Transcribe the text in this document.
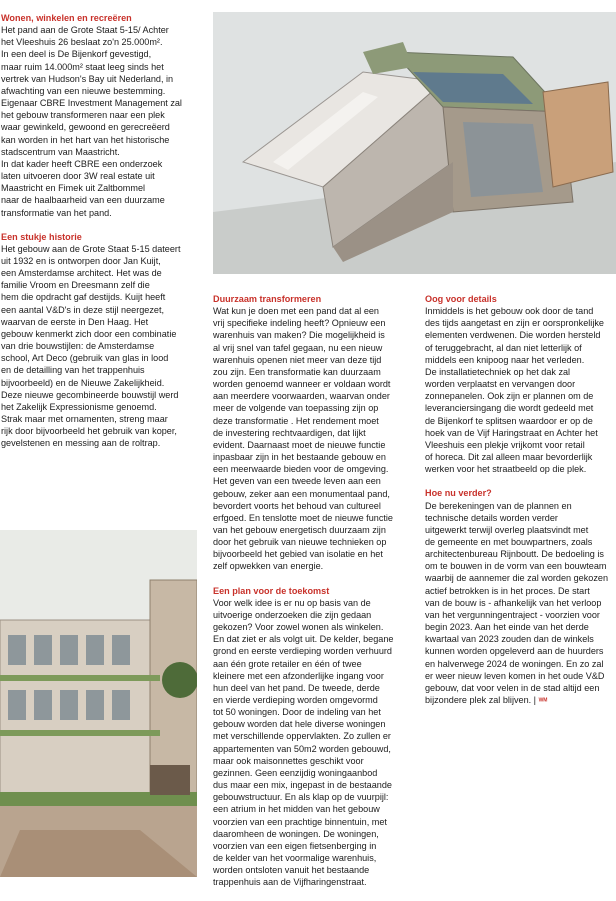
Wonen, winkelen en recreëren

Het pand aan de Grote Staat 5-15/ Achter
het Vleeshuis 26 beslaat zo'n 25.000m².
In een deel is De Bijenkorf gevestigd,
maar ruim 14.000m² staat leeg sinds het
vertrek van Hudson's Bay uit Nederland, in
afwachting van een nieuwe bestemming.
Eigenaar CBRE Investment Management zal
het gebouw transformeren naar een plek
waar gewinkeld, gewoond en gerecreëerd
kan worden in het hart van het historische
stadscentrum van Maastricht.

In dat kader heeft CBRE een onderzoek
laten uitvoeren door 3W real estate uit
Maastricht en Fimek uit Zaltbommel
naar de haalbaarheid van een duurzame
transformatie van het pand.

Een stukje historie

Het gebouw aan de Grote Staat 5-15 dateert
uit 1932 en is ontworpen door Jan Kuijt,
een Amsterdamse architect. Het was de
familie Vroom en Dreesmann zelf die
hem die opdracht gaf destijds. Kuijt heeft
een aantal V&D's in deze stijl neergezet,
waarvan de eerste in Den Haag. Het
gebouw kenmerkt zich door een combinatie
van drie bouwstijlen: de Amsterdamse
school, Art Deco (gebruik van glas in lood
en de detailling van het trappenhuis
bijvoorbeeld) en de Nieuwe Zakelijkheid.
Deze nieuwe gecombineerde bouwstijl werd
het Zakelijk Expressionisme genoemd.
Strak maar met ornamenten, streng maar
rijk door bijvoorbeeld het gebruik van koper,
gevelstenen en messing aan de roltrap.

Duurzaam transformeren

Wat kun je doen met een pand dat al een
vrij specifieke indeling heeft? Opnieuw een
warenhuis van maken? Die mogelijkheid is
al vrij snel van tafel gegaan, nu een nieuw
warenhuis openen niet meer van deze tijd
zou zijn. Een transformatie kan duurzaam
worden genoemd wanneer er voldaan wordt
aan meerdere voorwaarden, waarvan onder
meer de volgende van toepassing zijn op
deze transformatie . Het rendement moet
de investering rechtvaardigen, dat lijkt
evident. Daarnaast moet de nieuwe functie
inpasbaar zijn in het bestaande gebouw en
een meerwaarde bieden voor de omgeving.
Het geven van een tweede leven aan een
gebouw, zeker aan een monumentaal pand,
bevordert voorts het behoud van cultureel
erfgoed. En tenslotte moet de nieuwe functie
van het gebouw energetisch duurzaam zijn
door het gebruik van nieuwe technieken op
bijvoorbeeld het gebied van isolatie en het
zelf opwekken van energie.

Een plan voor de toekomst

Voor welk idee is er nu op basis van de
uitvoerige onderzoeken die zijn gedaan
gekozen? Voor zowel wonen als winkelen.
En dat ziet er als volgt uit. De kelder, begane
grond en eerste verdieping worden verhuurd
aan één grote retailer en één of twee
kleinere met een afzonderlijke ingang voor
hun deel van het pand. De tweede, derde
en vierde verdieping worden omgevormd
tot 50 woningen. Door de indeling van het
gebouw worden dat hele diverse woningen
met verschillende oppervlakten. Zo zullen er
appartementen van 50m2 worden gebouwd,
maar ook maisonnettes geschikt voor
gezinnen. Geen eenzijdig woningaanbod
dus maar een mix, ingepast in de bestaande
gebouwstructuur. En als klap op de vuurpijl:
een atrium in het midden van het gebouw
voorzien van een prachtige binnentuin, met
daaromheen de woningen. De woningen,
voorzien van een eigen fietsenberging in
de kelder van het voormalige warenhuis,
worden ontsloten vanuit het bestaande
trappenhuis aan de Vijfharingenstraat.

Oog voor details

Inmiddels is het gebouw ook door de tand
des tijds aangetast en zijn er oorspronkelijke
elementen verdwenen. Die worden hersteld
of teruggebracht, al dan niet letterlijk of
middels een knipoog naar het verleden.
De installatietechniek op het dak zal
worden verplaatst en vervangen door
zonnepanelen. Ook zijn er plannen om de
leveranciersingang die wordt gedeeld met
de Bijenkorf te splitsen waardoor er op de
hoek van de Vijf Haringstraat en Achter het
Vleeshuis een plekje vrijkomt voor retail
of horeca. Dit zal alleen maar bevorderlijk
werken voor het straatbeeld op die plek.

Hoe nu verder?

De berekeningen van de plannen en
technische details worden verder
uitgewerkt terwijl overleg plaatsvindt met
de gemeente en met bouwpartners, zoals
architectenbureau Rijnboutt. De bedoeling is
om te bouwen in de vorm van een bouwteam
waarbij de aannemer die zal worden gekozen
actief betrokken is in het proces. De start
van de bouw is - afhankelijk van het verloop
van het vergunningentraject - voorzien voor
begin 2023. Aan het einde van het derde
kwartaal van 2023 zouden dan de winkels
kunnen worden opgeleverd aan de huurders
en halverwege 2024 de woningen. En zo zal
er weer nieuw leven komen in het oude V&D
gebouw, dat voor velen in de stad altijd een
bijzondere plek zal blijven. | WM
